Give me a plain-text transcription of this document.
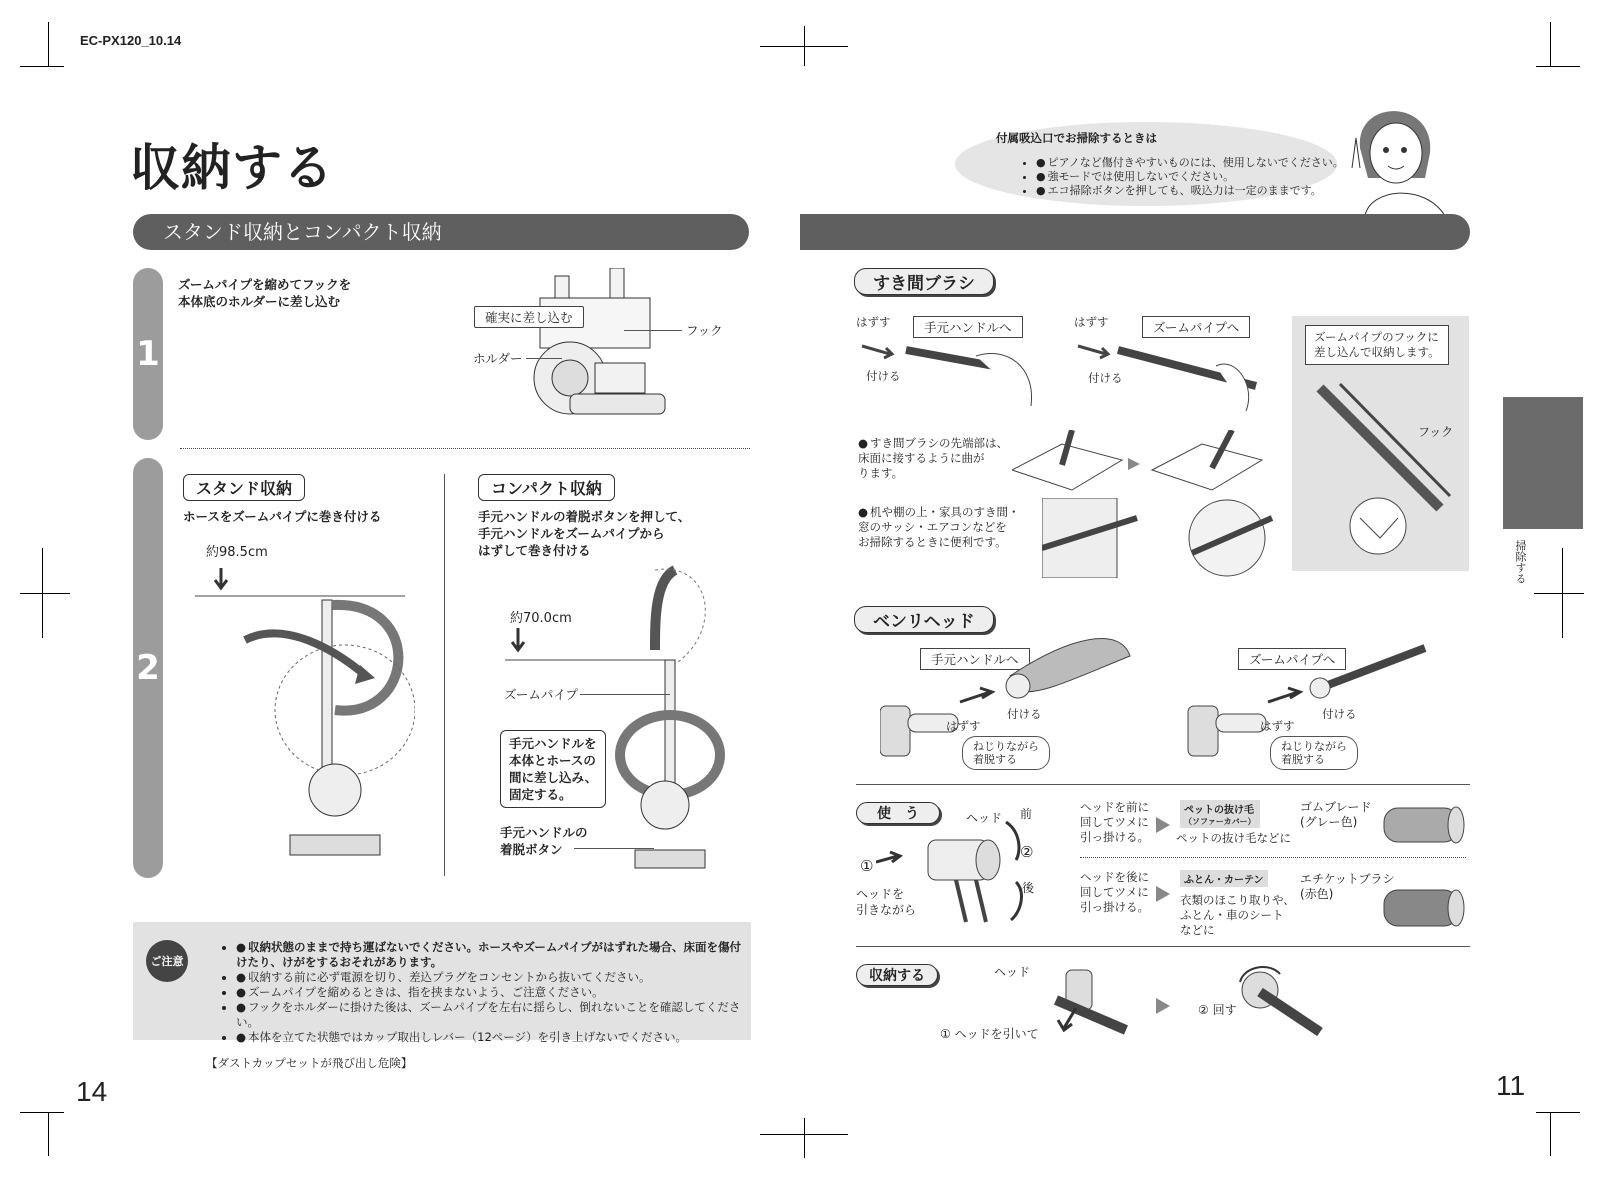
EC-PX120_10.14
収納する
スタンド収納とコンパクト収納
1
ズームパイプを縮めてフックを
本体底のホルダーに差し込む
確実に差し込む
フック
ホルダー
2
スタンド収納
ホースをズームパイプに巻き付ける
約98.5cm
コンパクト収納
手元ハンドルの着脱ボタンを押して、
手元ハンドルをズームパイプから
はずして巻き付ける
約70.0cm
ズームパイプ
手元ハンドルを
本体とホースの
間に差し込み、
固定する。
手元ハンドルの
着脱ボタン
ご注意
● • 収納状態のままで持ち運ばないでください。ホースやズームパイプがはずれた場合、床面を傷付けたり、けがをするおそれがあります。
● • 収納する前に必ず電源を切り、差込プラグをコンセントから抜いてください。
● • ズームパイプを縮めるときは、指を挟まないよう、ご注意ください。
● • フックをホルダーに掛けた後は、ズームパイプを左右に揺らし、倒れないことを確認してください。
● • 本体を立てた状態ではカップ取出しレバー（12ページ）を引き上げないでください。
【ダストカップセットが飛び出し危険】
14
付属吸込口でお掃除するときは
● • ピアノなど傷付きやすいものには、使用しないでください。
● • 強モードでは使用しないでください。
● • エコ掃除ボタンを押しても、吸込力は一定のままです。
すき間ブラシ
はずす
付ける
手元ハンドルへ	はずす
付ける
ズームパイプへ
● すき間ブラシの先端部は、
床面に接するように曲が
ります。
● 机や棚の上・家具のすき間・
窓のサッシ・エアコンなどを
お掃除するときに便利です。
ズームパイプのフックに
差し込んで収納します。
フック
ベンリヘッド
手元ハンドルへ	ズームパイプへ
付ける
はずす
ねじりながら
着脱する
付ける
はずす
ねじりながら
着脱する
使　う	ヘッド 前
後
①
②
ヘッドを
引きながら
ヘッドを前に
回してツメに
引っ掛ける。
ペットの抜け毛
（ソファーカバー）
ペットの抜け毛などに
ゴムブレード
(グレー色)
ヘッドを後に
回してツメに
引っ掛ける。
ふとん・カーテン
衣類のほこり取りや、
ふとん・車のシート
などに
エチケットブラシ
(赤色)
収納する	ヘッド
① ヘッドを引いて
② 回す
掃除する
11
